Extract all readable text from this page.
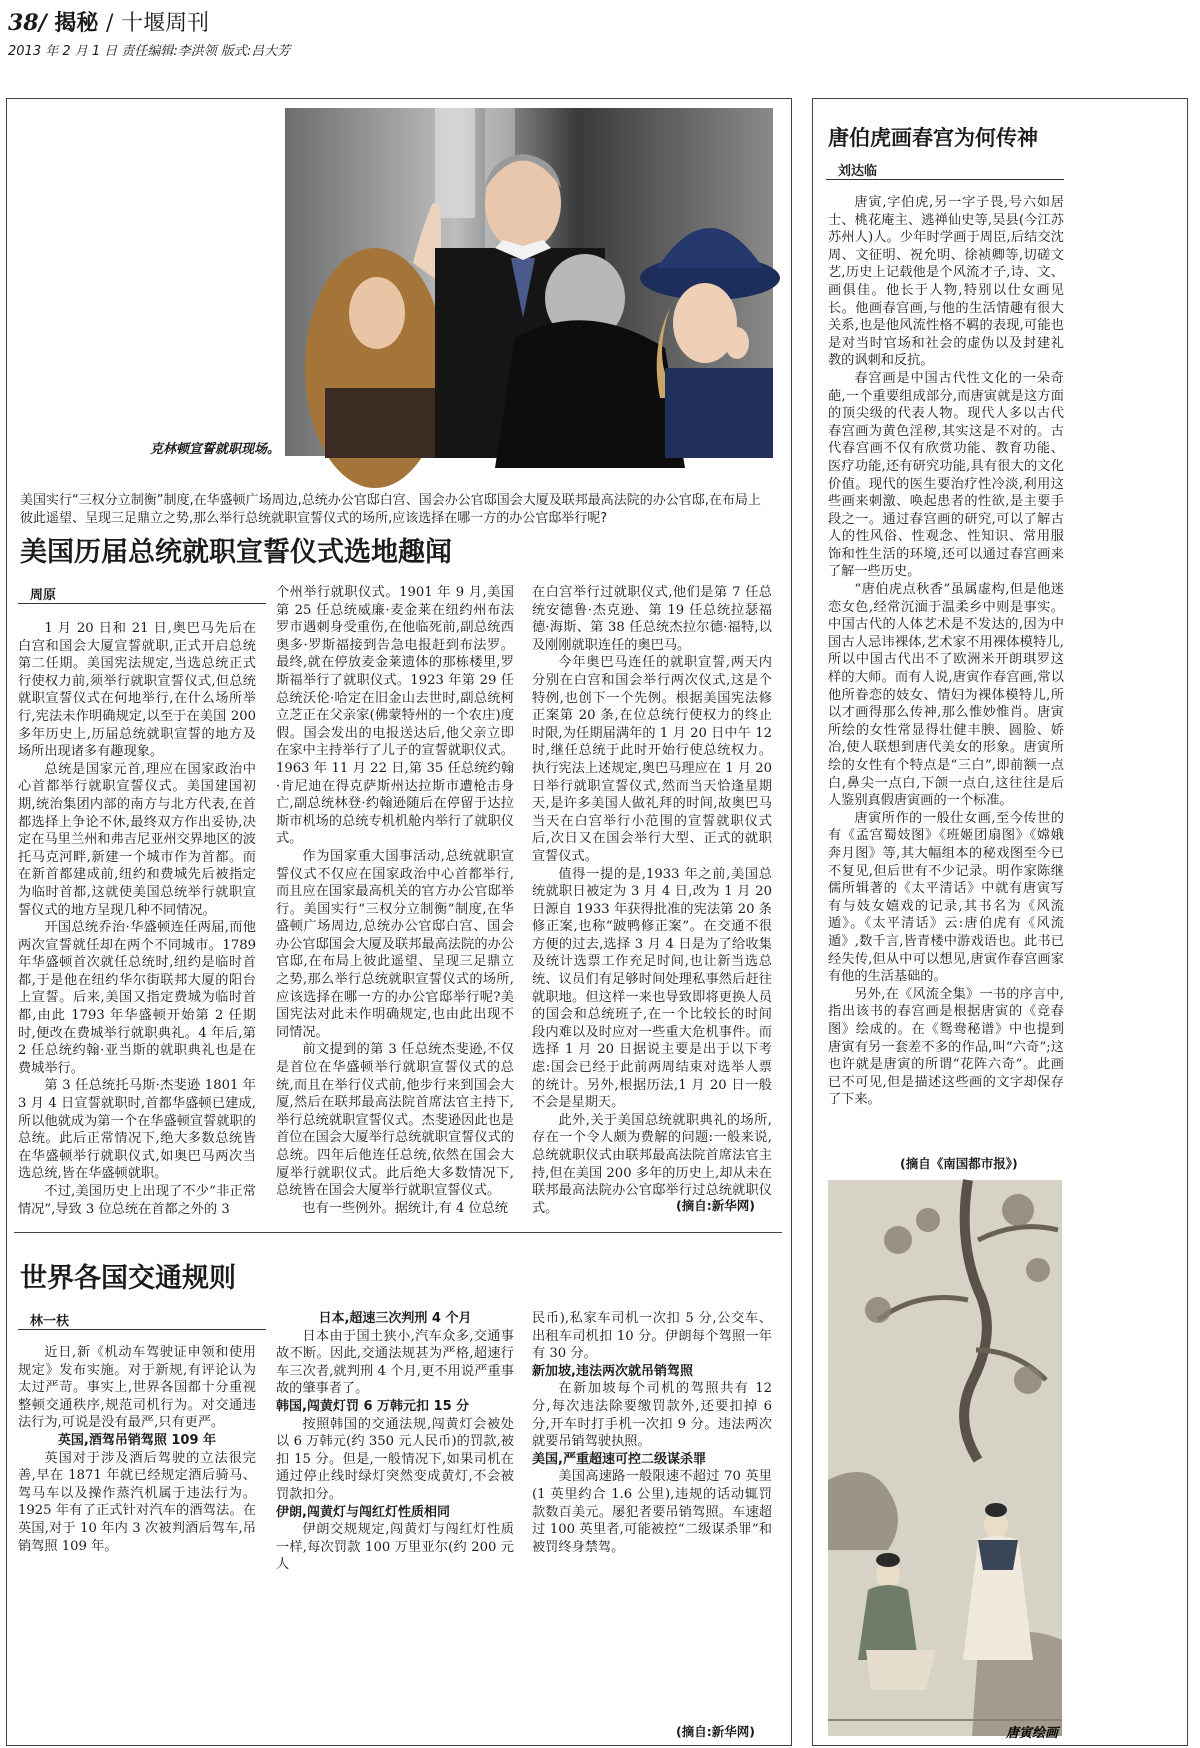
38/ 揭秘 / 十堰周刊
2013 年 2 月 1 日 责任编辑:李洪领 版式:吕大芳
克林顿宣誓就职现场。
美国实行“三权分立制衡”制度,在华盛顿广场周边,总统办公官邸白宫、国会办公官邸国会大厦及联邦最高法院的办公官邸,在布局上彼此遥望、呈现三足鼎立之势,那么举行总统就职宣誓仪式的场所,应该选择在哪一方的办公官邸举行呢?
美国历届总统就职宣誓仪式选地趣闻
周原

1 月 20 日和 21 日,奥巴马先后在白宫和国会大厦宣誓就职,正式开启总统第二任期。美国宪法规定,当选总统正式行使权力前,须举行就职宣誓仪式,但总统就职宣誓仪式在何地举行,在什么场所举行,宪法未作明确规定,以至于在美国 200 多年历史上,历届总统就职宣誓的地方及场所出现诸多有趣现象。

总统是国家元首,理应在国家政治中心首都举行就职宣誓仪式。美国建国初期,统治集团内部的南方与北方代表,在首都选择上争论不休,最终双方作出妥协,决定在马里兰州和弗吉尼亚州交界地区的波托马克河畔,新建一个城市作为首都。而在新首都建成前,纽约和费城先后被指定为临时首都,这就使美国总统举行就职宣誓仪式的地方呈现几种不同情况。

开国总统乔治·华盛顿连任两届,而他两次宣誓就任却在两个不同城市。1789 年华盛顿首次就任总统时,纽约是临时首都,于是他在纽约华尔街联邦大厦的阳台上宣誓。后来,美国又指定费城为临时首都,由此 1793 年华盛顿开始第 2 任期时,便改在费城举行就职典礼。4 年后,第 2 任总统约翰·亚当斯的就职典礼也是在费城举行。

第 3 任总统托马斯·杰斐逊 1801 年 3 月 4 日宣誓就职时,首都华盛顿已建成,所以他就成为第一个在华盛顿宣誓就职的总统。此后正常情况下,绝大多数总统皆在华盛顿举行就职仪式,如奥巴马两次当选总统,皆在华盛顿就职。

不过,美国历史上出现了不少“非正常情况”,导致 3 位总统在首都之外的 3

个州举行就职仪式。1901 年 9 月,美国第 25 任总统威廉·麦金莱在纽约州布法罗市遇刺身受重伤,在他临死前,副总统西奥多·罗斯福接到告急电报赶到布法罗。最终,就在停放麦金莱遗体的那栋楼里,罗斯福举行了就职仪式。1923 年第 29 任总统沃伦·哈定在旧金山去世时,副总统柯立芝正在父亲家(佛蒙特州的一个农庄)度假。国会发出的电报送达后,他父亲立即在家中主持举行了儿子的宣誓就职仪式。1963 年 11 月 22 日,第 35 任总统约翰·肯尼迪在得克萨斯州达拉斯市遭枪击身亡,副总统林登·约翰逊随后在停留于达拉斯市机场的总统专机机舱内举行了就职仪式。

作为国家重大国事活动,总统就职宣誓仪式不仅应在国家政治中心首都举行,而且应在国家最高机关的官方办公官邸举行。美国实行“三权分立制衡”制度,在华盛顿广场周边,总统办公官邸白宫、国会办公官邸国会大厦及联邦最高法院的办公官邸,在布局上彼此遥望、呈现三足鼎立之势,那么举行总统就职宣誓仪式的场所,应该选择在哪一方的办公官邸举行呢?美国宪法对此未作明确规定,也由此出现不同情况。

前文提到的第 3 任总统杰斐逊,不仅是首位在华盛顿举行就职宣誓仪式的总统,而且在举行仪式前,他步行来到国会大厦,然后在联邦最高法院首席法官主持下,举行总统就职宣誓仪式。杰斐逊因此也是首位在国会大厦举行总统就职宣誓仪式的总统。四年后他连任总统,依然在国会大厦举行就职仪式。此后绝大多数情况下,总统皆在国会大厦举行就职宣誓仪式。

也有一些例外。据统计,有 4 位总统

在白宫举行过就职仪式,他们是第 7 任总统安德鲁·杰克逊、第 19 任总统拉瑟福德·海斯、第 38 任总统杰拉尔德·福特,以及刚刚就职连任的奥巴马。

今年奥巴马连任的就职宣誓,两天内分别在白宫和国会举行两次仪式,这是个特例,也创下一个先例。根据美国宪法修正案第 20 条,在位总统行使权力的终止时限,为任期届满年的 1 月 20 日中午 12 时,继任总统于此时开始行使总统权力。执行宪法上述规定,奥巴马理应在 1 月 20 日举行就职宣誓仪式,然而当天恰逢星期天,是许多美国人做礼拜的时间,故奥巴马当天在白宫举行小范围的宣誓就职仪式后,次日又在国会举行大型、正式的就职宣誓仪式。

值得一提的是,1933 年之前,美国总统就职日被定为 3 月 4 日,改为 1 月 20 日源自 1933 年获得批准的宪法第 20 条修正案,也称“跛鸭修正案”。在交通不很方便的过去,选择 3 月 4 日是为了给收集及统计选票工作充足时间,也让新当选总统、议员们有足够时间处理私事然后赶往就职地。但这样一来也导致即将更换人员的国会和总统班子,在一个比较长的时间段内难以及时应对一些重大危机事件。而选择 1 月 20 日据说主要是出于以下考虑:国会已经于此前两周结束对选举人票的统计。另外,根据历法,1 月 20 日一般不会是星期天。

此外,关于美国总统就职典礼的场所,存在一个令人颇为费解的问题:一般来说,总统就职仪式由联邦最高法院首席法官主持,但在美国 200 多年的历史上,却从未在联邦最高法院办公官邸举行过总统就职仪式。	(摘自:新华网)
世界各国交通规则
林一枎

近日,新《机动车驾驶证申领和使用规定》发布实施。对于新规,有评论认为太过严苛。事实上,世界各国都十分重视整顿交通秩序,规范司机行为。对交通违法行为,可说是没有最严,只有更严。

英国,酒驾吊销驾照 109 年

英国对于涉及酒后驾驶的立法很完善,早在 1871 年就已经规定酒后骑马、驾马车以及操作蒸汽机属于违法行为。1925 年有了正式针对汽车的酒驾法。在英国,对于 10 年内 3 次被判酒后驾车,吊销驾照 109 年。

日本,超速三次判刑 4 个月

日本由于国土狭小,汽车众多,交通事故不断。因此,交通法规甚为严格,超速行车三次者,就判刑 4 个月,更不用说严重事故的肇事者了。

韩国,闯黄灯罚 6 万韩元扣 15 分

按照韩国的交通法规,闯黄灯会被处以 6 万韩元(约 350 元人民币)的罚款,被扣 15 分。但是,一般情况下,如果司机在通过停止线时绿灯突然变成黄灯,不会被罚款扣分。

伊朗,闯黄灯与闯红灯性质相同

伊朗交规规定,闯黄灯与闯红灯性质一样,每次罚款 100 万里亚尔(约 200 元人

民币),私家车司机一次扣 5 分,公交车、出租车司机扣 10 分。伊朗每个驾照一年有 30 分。

新加坡,违法两次就吊销驾照

在新加坡每个司机的驾照共有 12 分,每次违法除要缴罚款外,还要扣掉 6 分,开车时打手机一次扣 9 分。违法两次就要吊销驾驶执照。

美国,严重超速可控二级谋杀罪

美国高速路一般限速不超过 70 英里(1 英里约合 1.6 公里),违规的话动辄罚款数百美元。屡犯者要吊销驾照。车速超过 100 英里者,可能被控“二级谋杀罪”和被罚终身禁驾。

(摘自:新华网)
唐伯虎画春宫为何传神
刘达临

唐寅,字伯虎,另一字子畏,号六如居士、桃花庵主、逃禅仙史等,吴县(今江苏苏州人)人。少年时学画于周臣,后结交沈周、文征明、祝允明、徐祯卿等,切磋文艺,历史上记载他是个风流才子,诗、文、画俱佳。他长于人物,特别以仕女画见长。他画春宫画,与他的生活情趣有很大关系,也是他风流性格不羁的表现,可能也是对当时官场和社会的虚伪以及封建礼教的讽刺和反抗。

春宫画是中国古代性文化的一朵奇葩,一个重要组成部分,而唐寅就是这方面的顶尖级的代表人物。现代人多以古代春宫画为黄色淫秽,其实这是不对的。古代春宫画不仅有欣赏功能、教育功能、医疗功能,还有研究功能,具有很大的文化价值。现代的医生要治疗性冷淡,利用这些画来刺激、唤起患者的性欲,是主要手段之一。通过春宫画的研究,可以了解古人的性风俗、性观念、性知识、常用服饰和性生活的环境,还可以通过春宫画来了解一些历史。

“唐伯虎点秋香”虽属虚构,但是他迷恋女色,经常沉湎于温柔乡中则是事实。中国古代的人体艺术是不发达的,因为中国古人忌讳裸体,艺术家不用裸体模特儿,所以中国古代出不了欧洲米开朗琪罗这样的大师。而有人说,唐寅作春宫画,常以他所眷恋的妓女、情妇为裸体模特儿,所以才画得那么传神,那么惟妙惟肖。唐寅所绘的女性常显得壮健丰腴、圆脸、娇冶,使人联想到唐代美女的形象。唐寅所绘的女性有个特点是“三白”,即前额一点白,鼻尖一点白,下颌一点白,这往往是后人鉴别真假唐寅画的一个标准。

唐寅所作的一般仕女画,至今传世的有《孟宫蜀妓图》《班姬团扇图》《嫦娥奔月图》等,其大幅组本的秘戏图至今已不复见,但后世有不少记录。明作家陈继儒所辑著的《太平清话》中就有唐寅写有与妓女嬉戏的记录,其书名为《风流遁》。《太平清话》云:唐伯虎有《风流遁》,数千言,皆青楼中游戏语也。此书已经失传,但从中可以想见,唐寅作春宫画家有他的生活基础的。

另外,在《风流全集》一书的序言中,指出该书的春宫画是根据唐寅的《竞春图》绘成的。在《鸳鸯秘谱》中也提到唐寅有另一套差不多的作品,叫“六奇”;这也许就是唐寅的所谓“花阵六奇”。此画已不可见,但是描述这些画的文字却保存了下来。

(摘自《南国都市报》)
唐寅绘画
